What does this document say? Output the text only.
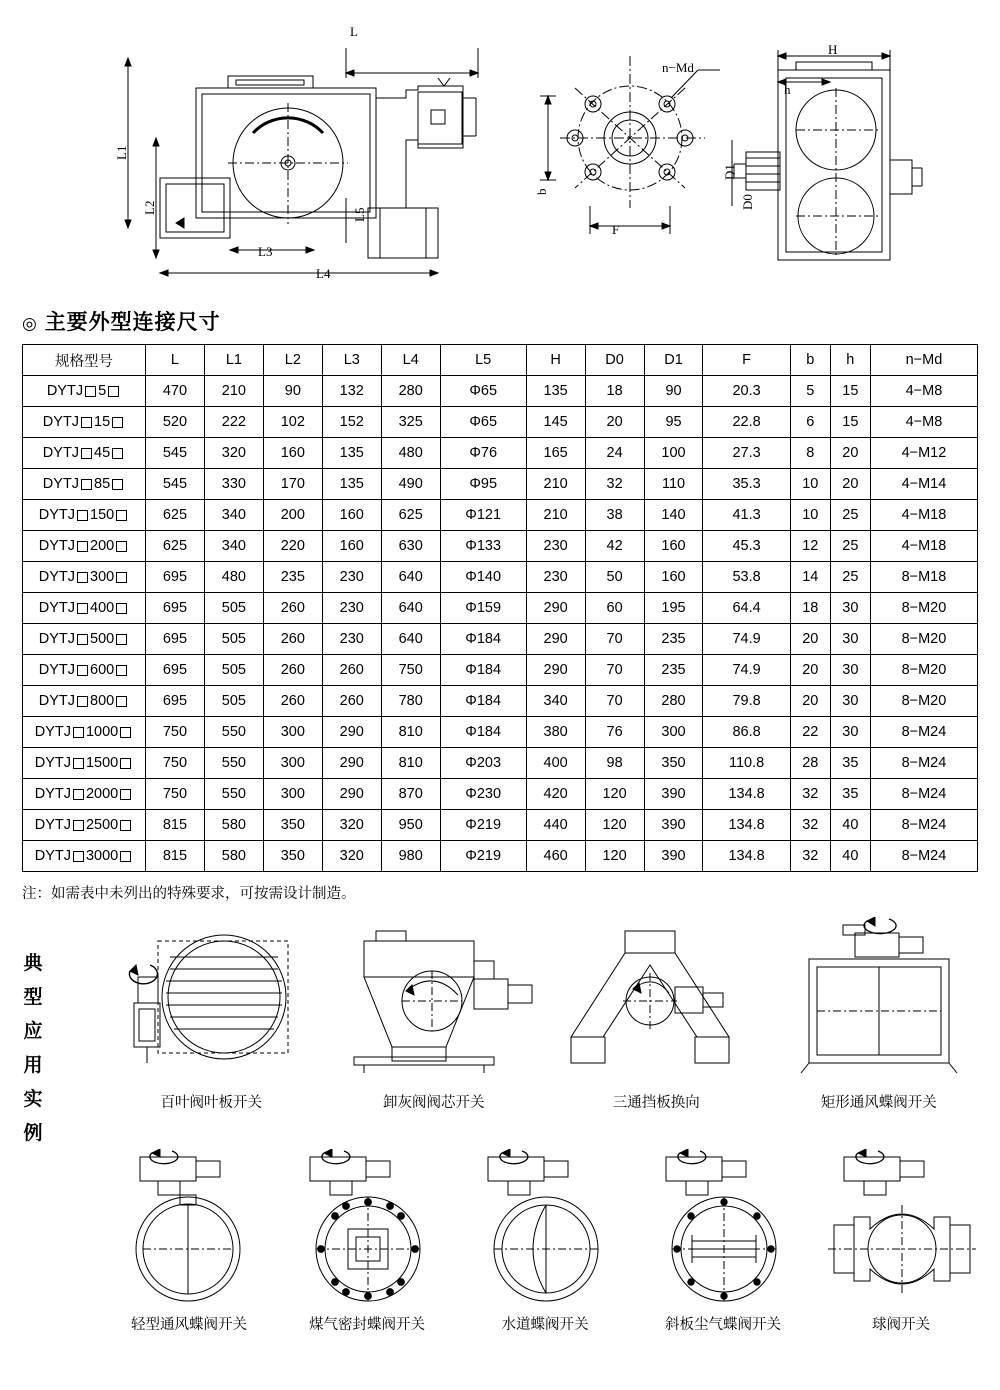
L
L1
L2
L3
L4
L5
n−Md
b
F
H
h
D1
D0
◎ 主要外型连接尺寸
规格型号	L	L1	L2	L3	L4	L5	H	D0	D1	F	b	h	n−Md
DYTJ 5	470	210	90	132	280	Φ65	135	18	90	20.3	5	15	4−M8
DYTJ 15	520	222	102	152	325	Φ65	145	20	95	22.8	6	15	4−M8
DYTJ 45	545	320	160	135	480	Φ76	165	24	100	27.3	8	20	4−M12
DYTJ 85	545	330	170	135	490	Φ95	210	32	110	35.3	10	20	4−M14
DYTJ 150	625	340	200	160	625	Φ121	210	38	140	41.3	10	25	4−M18
DYTJ 200	625	340	220	160	630	Φ133	230	42	160	45.3	12	25	4−M18
DYTJ 300	695	480	235	230	640	Φ140	230	50	160	53.8	14	25	8−M18
DYTJ 400	695	505	260	230	640	Φ159	290	60	195	64.4	18	30	8−M20
DYTJ 500	695	505	260	230	640	Φ184	290	70	235	74.9	20	30	8−M20
DYTJ 600	695	505	260	260	750	Φ184	290	70	235	74.9	20	30	8−M20
DYTJ 800	695	505	260	260	780	Φ184	340	70	280	79.8	20	30	8−M20
DYTJ 1000	750	550	300	290	810	Φ184	380	76	300	86.8	22	30	8−M24
DYTJ 1500	750	550	300	290	810	Φ203	400	98	350	110.8	28	35	8−M24
DYTJ 2000	750	550	300	290	870	Φ230	420	120	390	134.8	32	35	8−M24
DYTJ 2500	815	580	350	320	950	Φ219	440	120	390	134.8	32	40	8−M24
DYTJ 3000	815	580	350	320	980	Φ219	460	120	390	134.8	32	40	8−M24
注：如需表中未列出的特殊要求，可按需设计制造。
典
型
应
用
实
例
百叶阀叶板开关	卸灰阀阀芯开关	三通挡板换向	矩形通风蝶阀开关
轻型通风蝶阀开关	煤气密封蝶阀开关	水道蝶阀开关	斜板尘气蝶阀开关	球阀开关
